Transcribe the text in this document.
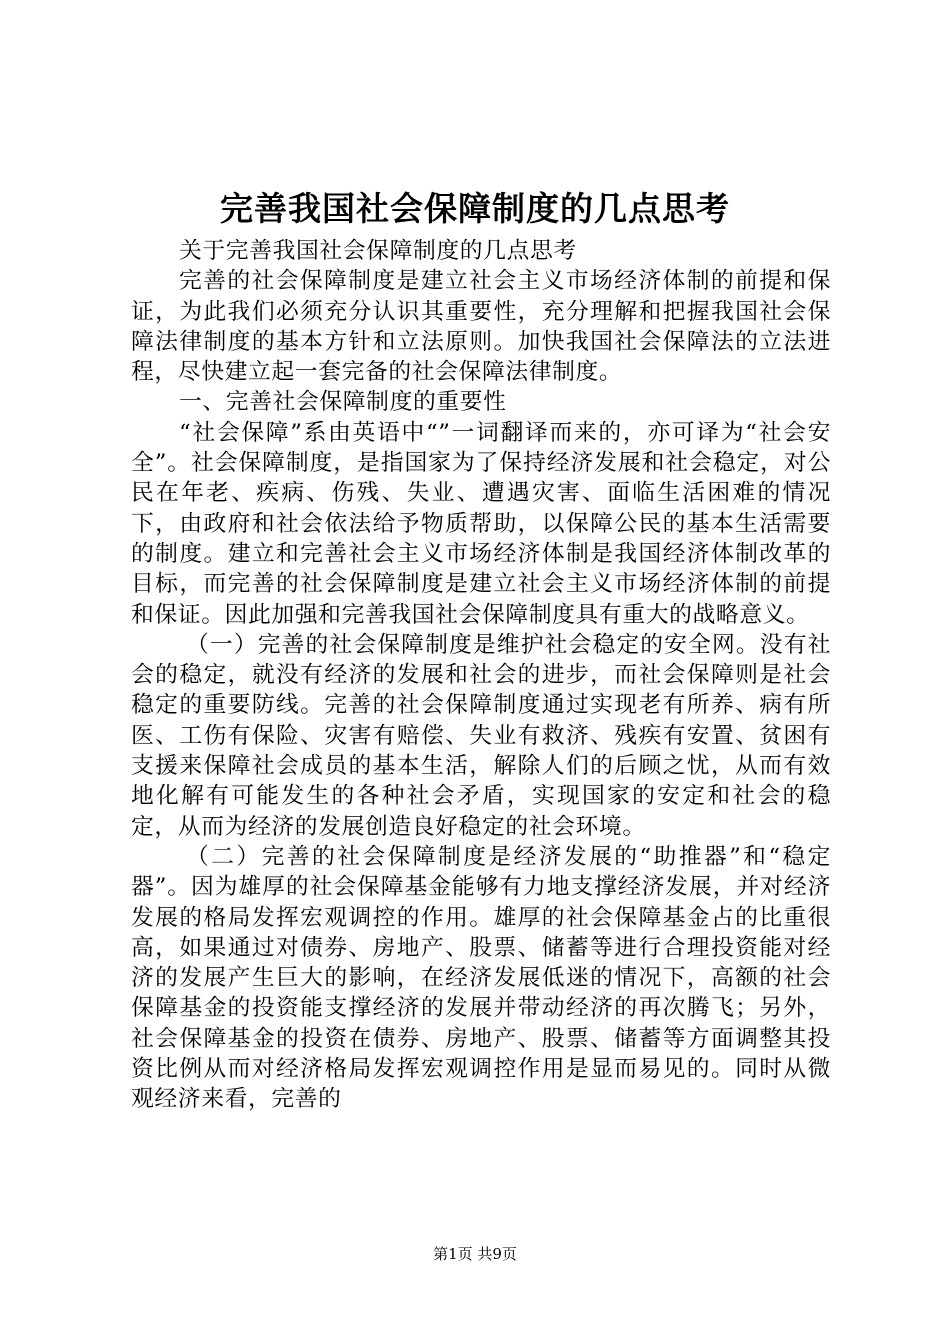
完善我国社会保障制度的几点思考

关于完善我国社会保障制度的几点思考

完善的社会保障制度是建立社会主义市场经济体制的前提和保证，为此我们必须充分认识其重要性，充分理解和把握我国社会保障法律制度的基本方针和立法原则。加快我国社会保障法的立法进程，尽快建立起一套完备的社会保障法律制度。

一、完善社会保障制度的重要性

“社会保障”系由英语中“”一词翻译而来的，亦可译为“社会安全”。社会保障制度，是指国家为了保持经济发展和社会稳定，对公民在年老、疾病、伤残、失业、遭遇灾害、面临生活困难的情况下，由政府和社会依法给予物质帮助，以保障公民的基本生活需要的制度。建立和完善社会主义市场经济体制是我国经济体制改革的目标，而完善的社会保障制度是建立社会主义市场经济体制的前提和保证。因此加强和完善我国社会保障制度具有重大的战略意义。

（一）完善的社会保障制度是维护社会稳定的安全网。没有社会的稳定，就没有经济的发展和社会的进步，而社会保障则是社会稳定的重要防线。完善的社会保障制度通过实现老有所养、病有所医、工伤有保险、灾害有赔偿、失业有救济、残疾有安置、贫困有支援来保障社会成员的基本生活，解除人们的后顾之忧，从而有效地化解有可能发生的各种社会矛盾，实现国家的安定和社会的稳定，从而为经济的发展创造良好稳定的社会环境。

（二）完善的社会保障制度是经济发展的“助推器”和“稳定器”。因为雄厚的社会保障基金能够有力地支撑经济发展，并对经济发展的格局发挥宏观调控的作用。雄厚的社会保障基金占的比重很高，如果通过对债券、房地产、股票、储蓄等进行合理投资能对经济的发展产生巨大的影响，在经济发展低迷的情况下，高额的社会保障基金的投资能支撑经济的发展并带动经济的再次腾飞；另外，社会保障基金的投资在债券、房地产、股票、储蓄等方面调整其投资比例从而对经济格局发挥宏观调控作用是显而易见的。同时从微观经济来看，完善的

第1页 共9页
